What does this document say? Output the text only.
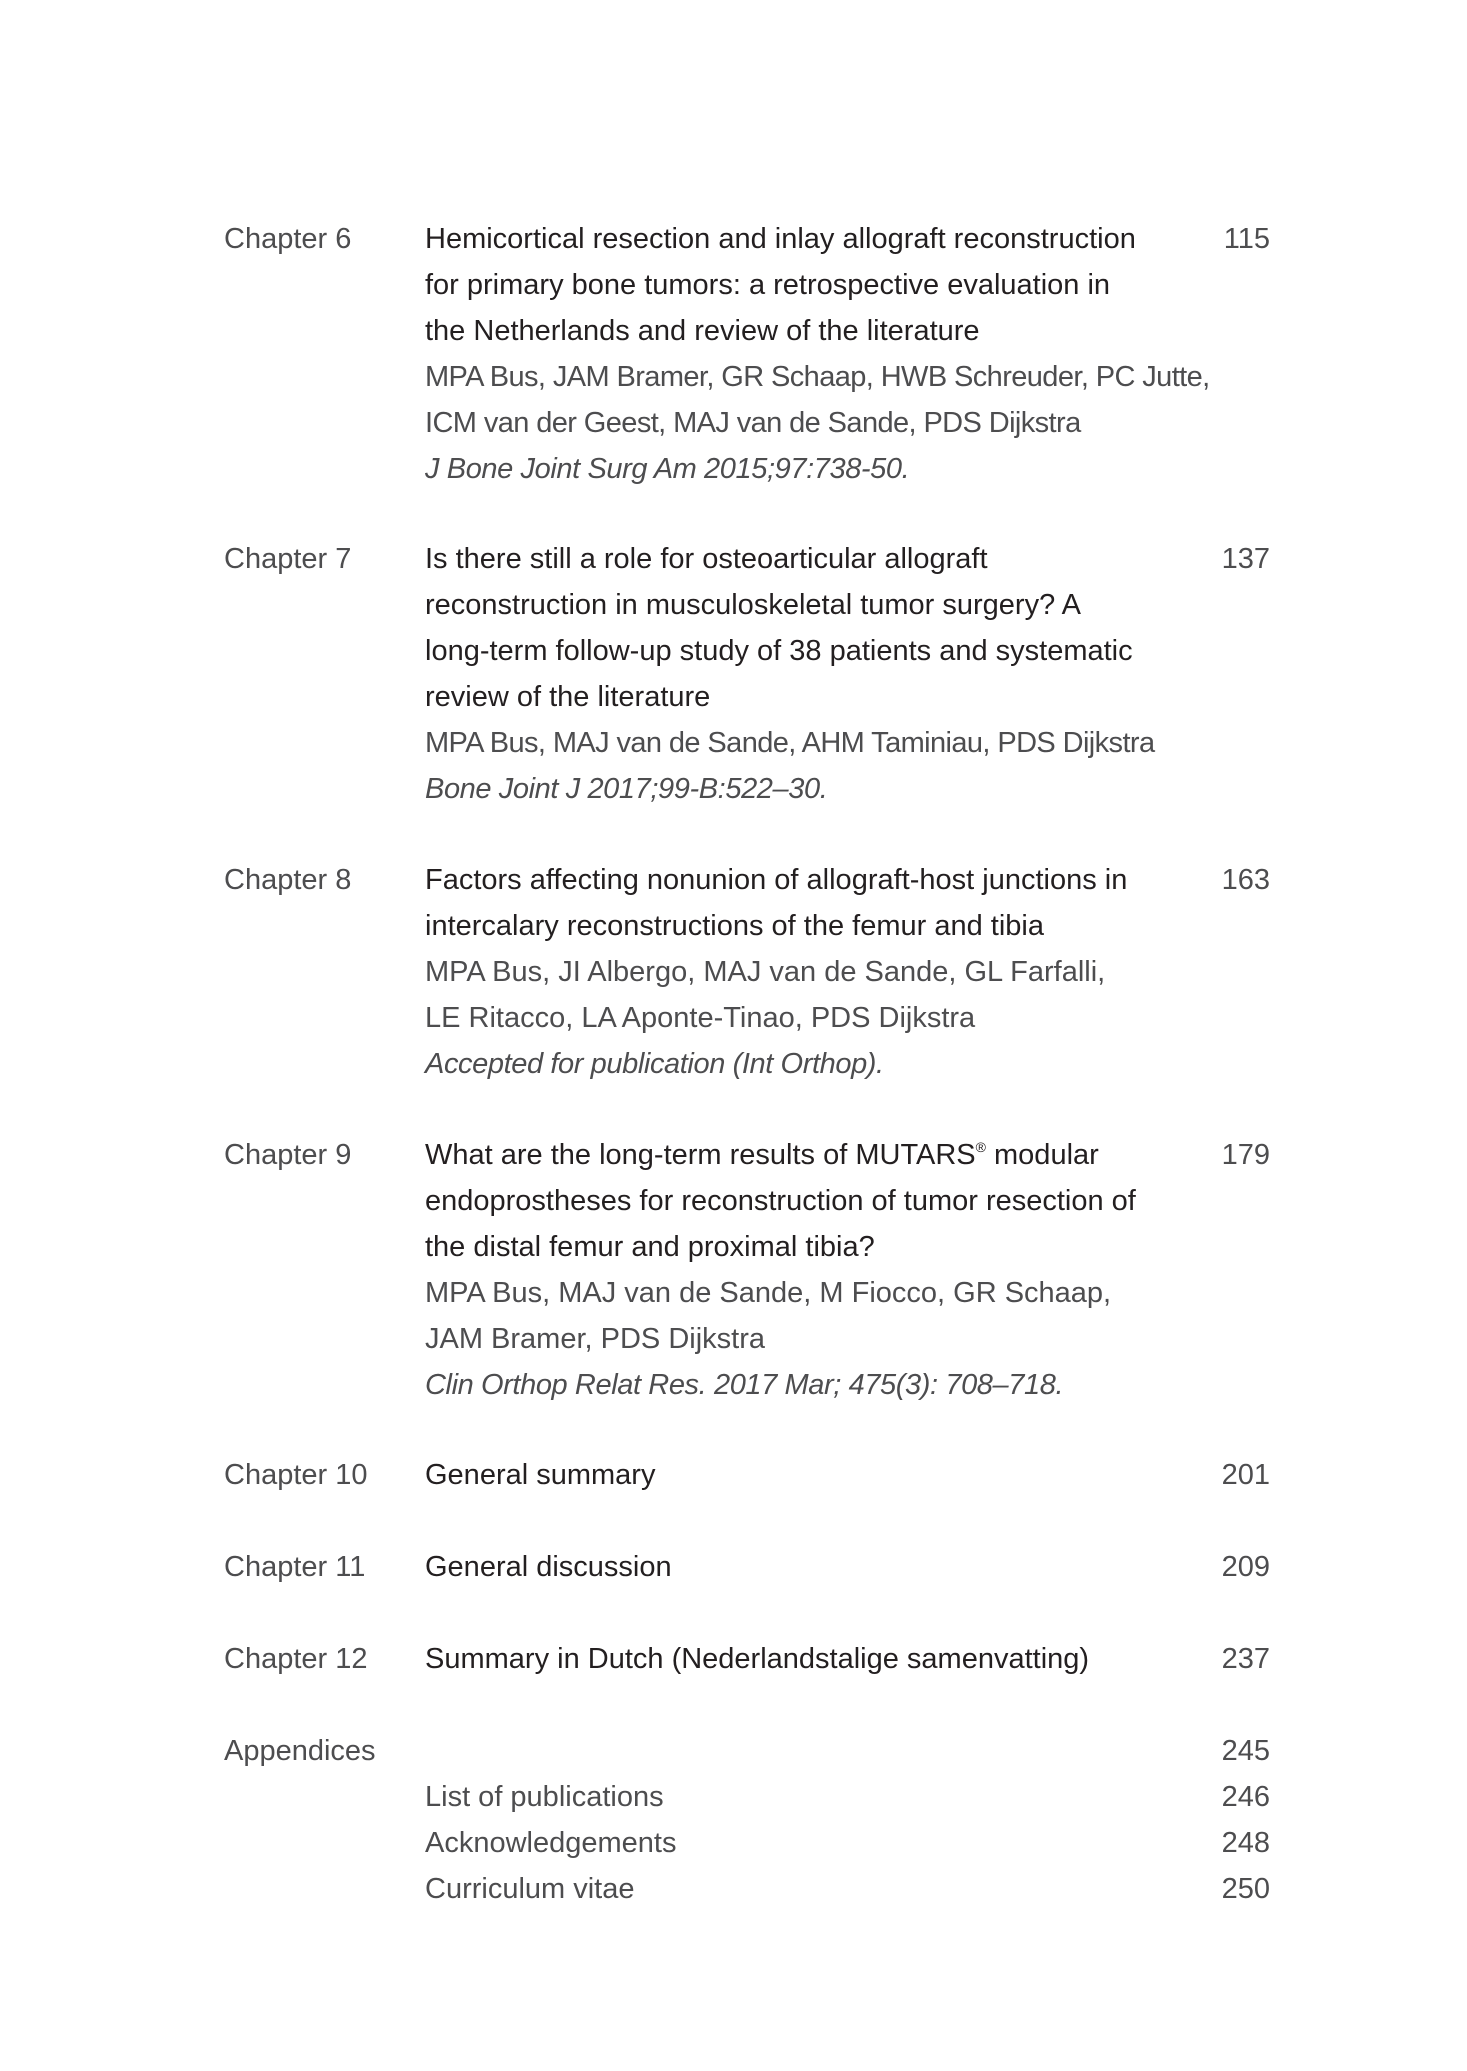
Chapter 6	Hemicortical resection and inlay allograft reconstruction
for primary bone tumors: a retrospective evaluation in
the Netherlands and review of the literature
MPA Bus, JAM Bramer, GR Schaap, HWB Schreuder, PC Jutte,
ICM van der Geest, MAJ van de Sande, PDS Dijkstra
J Bone Joint Surg Am 2015;97:738-50.
115
Chapter 7	Is there still a role for osteoarticular allograft
reconstruction in musculoskeletal tumor surgery? A
long-term follow-up study of 38 patients and systematic
review of the literature
MPA Bus, MAJ van de Sande, AHM Taminiau, PDS Dijkstra
Bone Joint J 2017;99-B:522–30.
137
Chapter 8	Factors affecting nonunion of allograft-host junctions in
intercalary reconstructions of the femur and tibia
MPA Bus, JI Albergo, MAJ van de Sande, GL Farfalli,
LE Ritacco, LA Aponte-Tinao, PDS Dijkstra
Accepted for publication (Int Orthop).
163
Chapter 9	What are the long-term results of MUTARS® modular
endoprostheses for reconstruction of tumor resection of
the distal femur and proximal tibia?
MPA Bus, MAJ van de Sande, M Fiocco, GR Schaap,
JAM Bramer, PDS Dijkstra
Clin Orthop Relat Res. 2017 Mar; 475(3): 708–718.
179
Chapter 10 General summary	201
Chapter 11 General discussion	209
Chapter 12 Summary in Dutch (Nederlandstalige samenvatting)	237
Appendices	245
List of publications	246
Acknowledgements	248
Curriculum vitae	250
